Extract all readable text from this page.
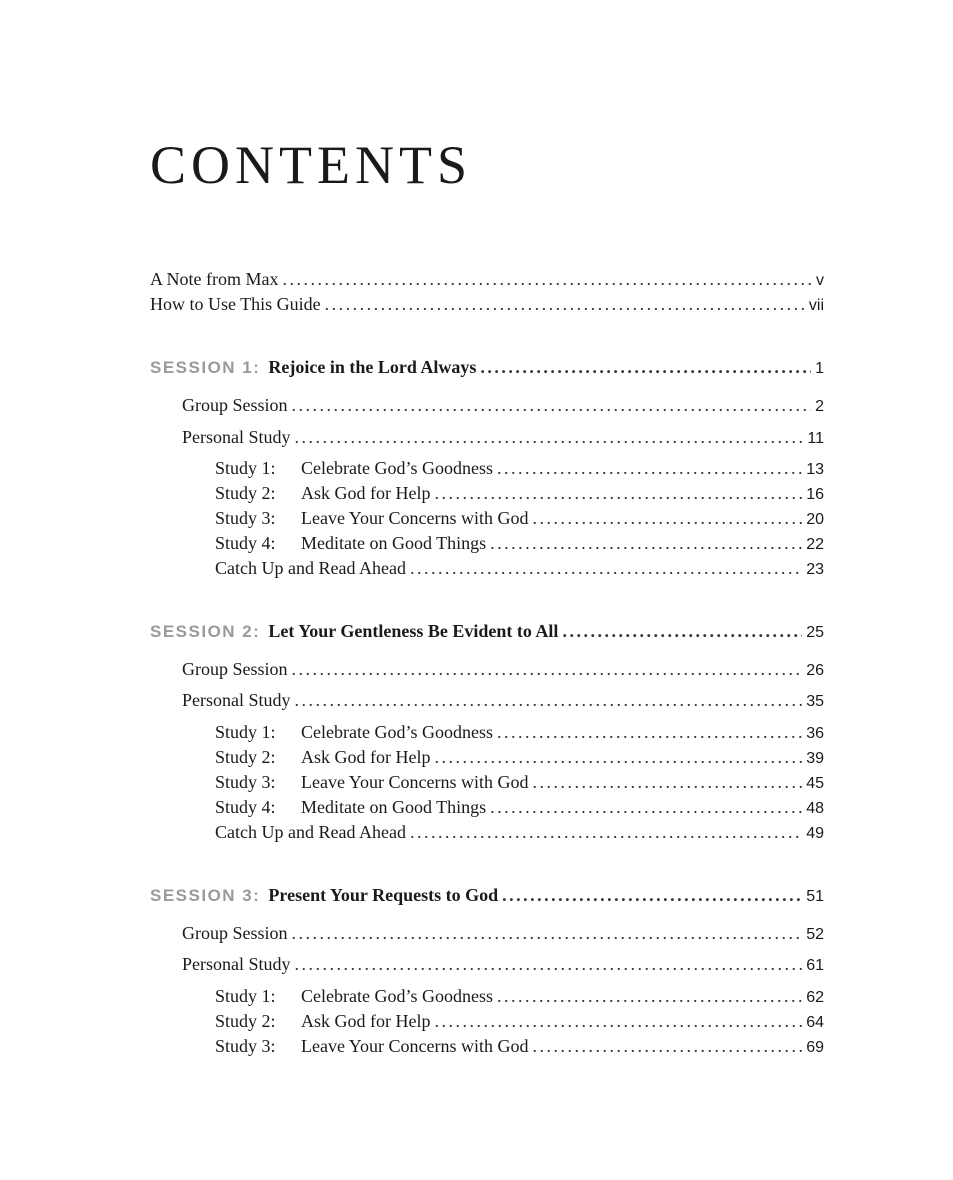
CONTENTS
A Note from Max . . .	v
How to Use This Guide . . .	vii
SESSION 1: Rejoice in the Lord Always . . .	1
Group Session . . .	2
Personal Study . . .	11
Study 1: Celebrate God’s Goodness . . .	13
Study 2: Ask God for Help . . .	16
Study 3: Leave Your Concerns with God . . .	20
Study 4: Meditate on Good Things . . .	22
Catch Up and Read Ahead . . .	23
SESSION 2: Let Your Gentleness Be Evident to All . . .	25
Group Session . . .	26
Personal Study . . .	35
Study 1: Celebrate God’s Goodness . . .	36
Study 2: Ask God for Help . . .	39
Study 3: Leave Your Concerns with God . . .	45
Study 4: Meditate on Good Things . . .	48
Catch Up and Read Ahead . . .	49
SESSION 3: Present Your Requests to God . . .	51
Group Session . . .	52
Personal Study . . .	61
Study 1: Celebrate God’s Goodness . . .	62
Study 2: Ask God for Help . . .	64
Study 3: Leave Your Concerns with God . . .	69
